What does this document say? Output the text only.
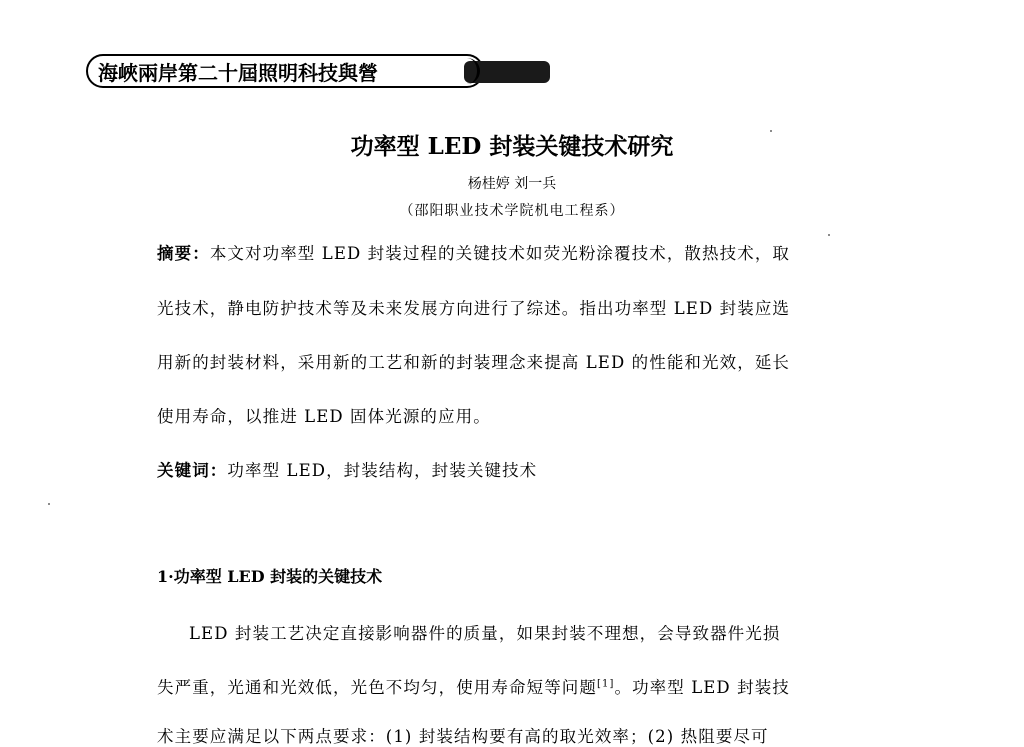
海峽兩岸第二十屆照明科技與營 銷研討會
功率型 LED 封装关键技术研究
杨桂婷 刘一兵
（邵阳职业技术学院机电工程系）
摘要：本文对功率型 LED 封装过程的关键技术如荧光粉涂覆技术，散热技术，取
光技术，静电防护技术等及未来发展方向进行了综述。指出功率型 LED 封装应选
用新的封装材料，采用新的工艺和新的封装理念来提高 LED 的性能和光效，延长
使用寿命，以推进 LED 固体光源的应用。
关键词：功率型 LED，封装结构，封装关键技术
1·功率型 LED 封装的关键技术
LED 封装工艺决定直接影响器件的质量，如果封装不理想，会导致器件光损
失严重，光通和光效低，光色不均匀，使用寿命短等问题[1]。功率型 LED 封装技
术主要应满足以下两点要求：(1) 封装结构要有高的取光效率；(2) 热阻要尽可
